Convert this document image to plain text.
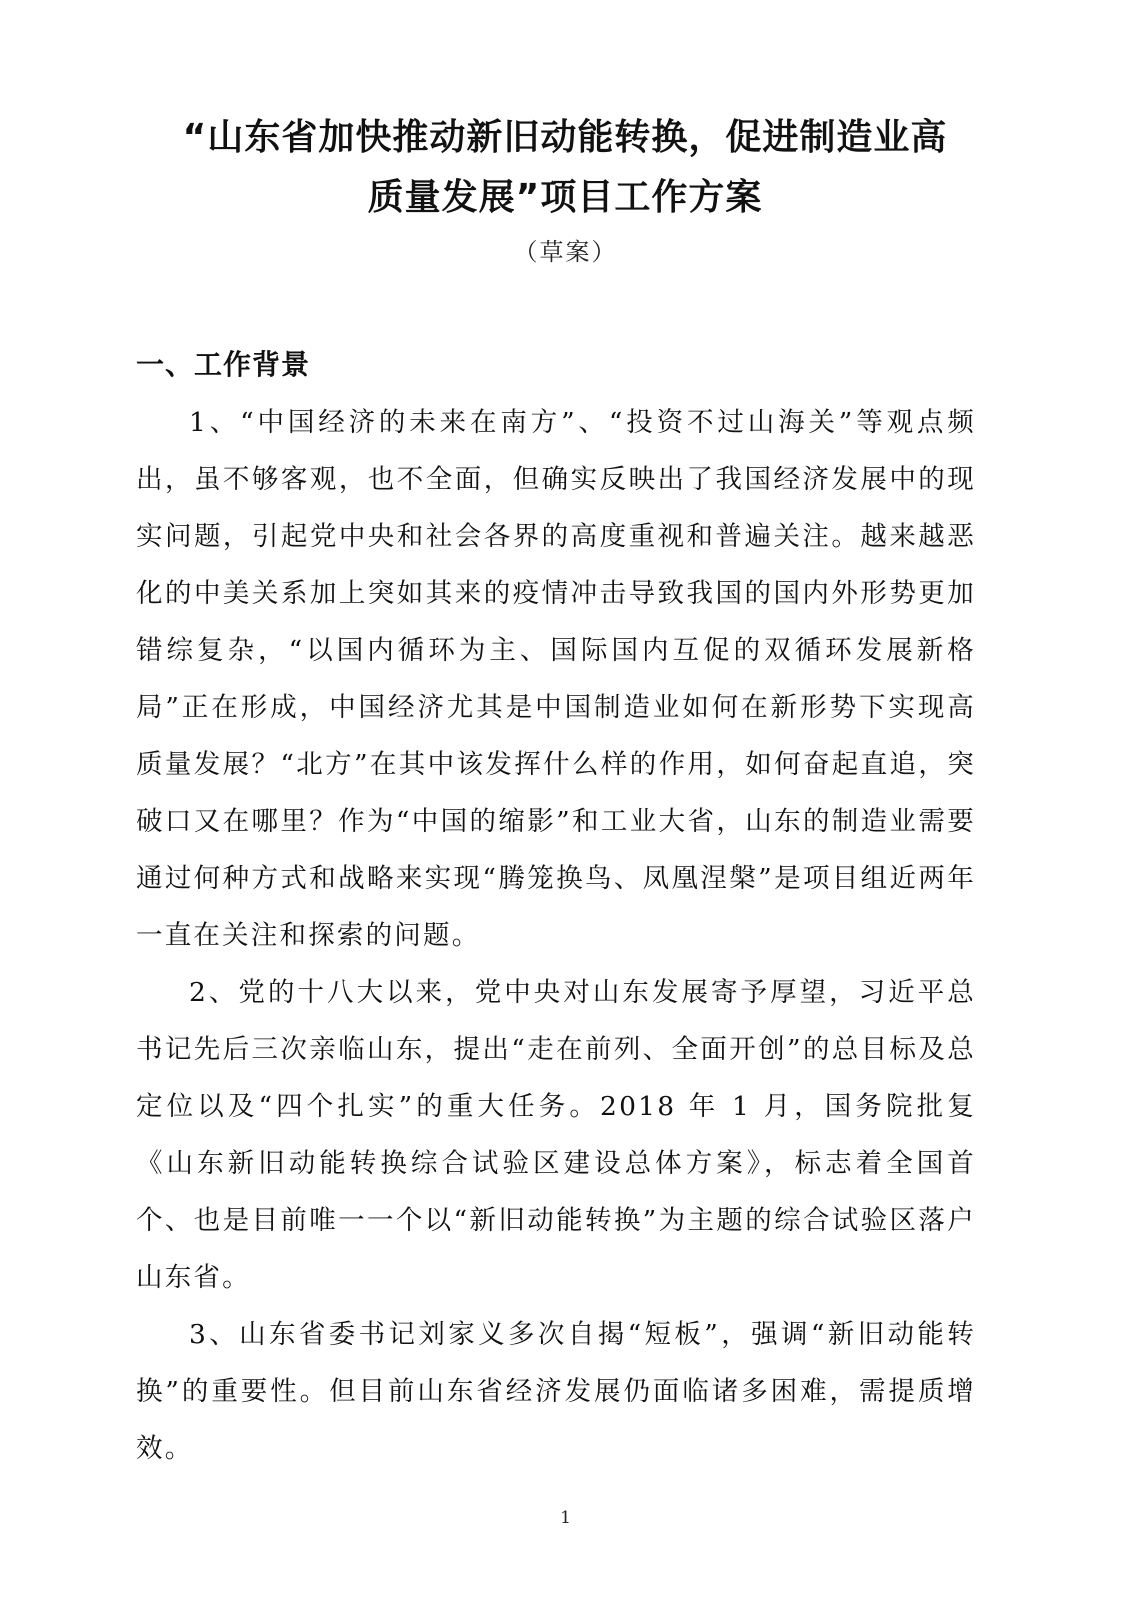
“山东省加快推动新旧动能转换，促进制造业高
质量发展”项目工作方案
（草案）
一、工作背景

1、“中国经济的未来在南方”、“投资不过山海关”等观点频出，虽不够客观，也不全面，但确实反映出了我国经济发展中的现实问题，引起党中央和社会各界的高度重视和普遍关注。越来越恶化的中美关系加上突如其来的疫情冲击导致我国的国内外形势更加错综复杂，“以国内循环为主、国际国内互促的双循环发展新格局”正在形成，中国经济尤其是中国制造业如何在新形势下实现高质量发展？“北方”在其中该发挥什么样的作用，如何奋起直追，突破口又在哪里？作为“中国的缩影”和工业大省，山东的制造业需要通过何种方式和战略来实现“腾笼换鸟、凤凰涅槃”是项目组近两年一直在关注和探索的问题。

2、党的十八大以来，党中央对山东发展寄予厚望，习近平总书记先后三次亲临山东，提出“走在前列、全面开创”的总目标及总定位以及“四个扎实”的重大任务。2018 年 1 月，国务院批复《山东新旧动能转换综合试验区建设总体方案》，标志着全国首个、也是目前唯一一个以“新旧动能转换”为主题的综合试验区落户山东省。

3、山东省委书记刘家义多次自揭“短板”，强调“新旧动能转换”的重要性。但目前山东省经济发展仍面临诸多困难，需提质增效。

1
